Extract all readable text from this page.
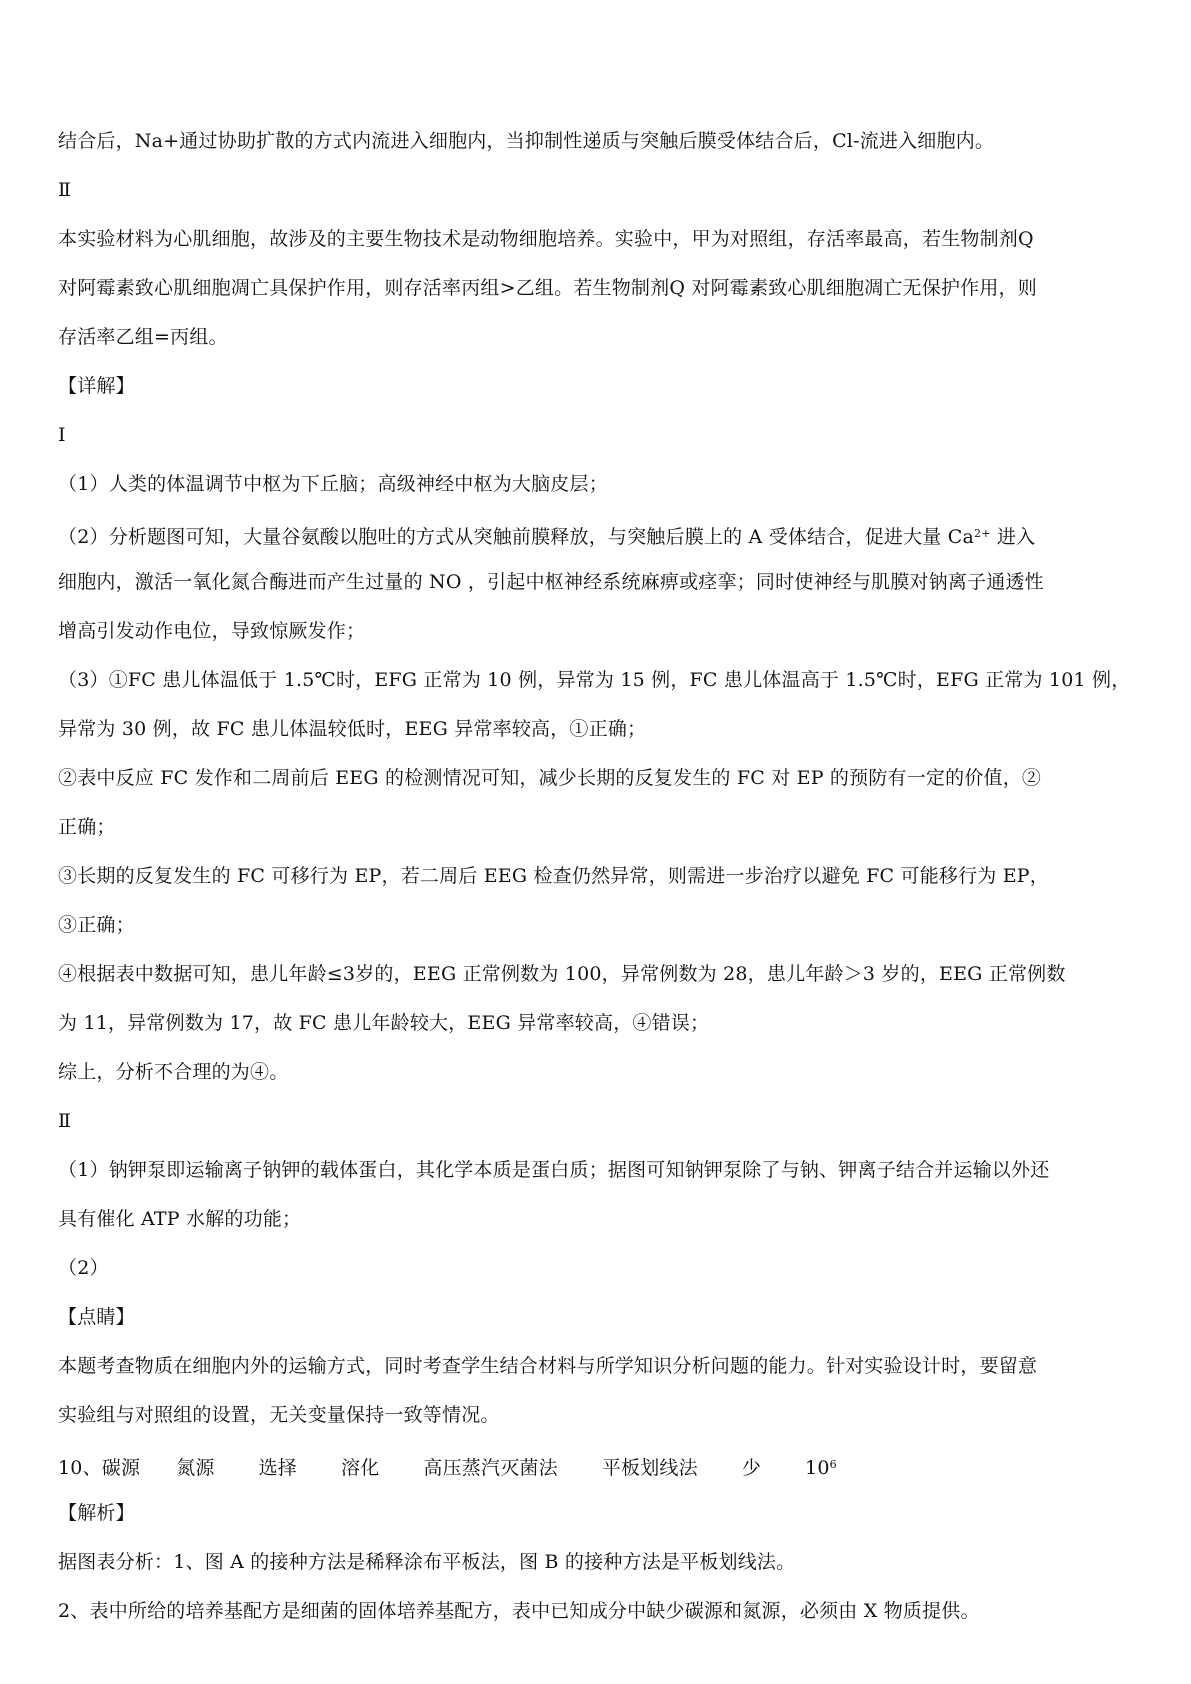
结合后，Na+通过协助扩散的方式内流进入细胞内，当抑制性递质与突触后膜受体结合后，Cl-流进入细胞内。
Ⅱ
本实验材料为心肌细胞，故涉及的主要生物技术是动物细胞培养。实验中，甲为对照组，存活率最高，若生物制剂Q
对阿霉素致心肌细胞凋亡具保护作用，则存活率丙组>乙组。若生物制剂Q 对阿霉素致心肌细胞凋亡无保护作用，则
存活率乙组=丙组。
【详解】
Ⅰ
（1）人类的体温调节中枢为下丘脑；高级神经中枢为大脑皮层；
（2）分析题图可知，大量谷氨酸以胞吐的方式从突触前膜释放，与突触后膜上的 A 受体结合，促进大量 $Ca^{2+}$ 进入
细胞内，激活一氧化氮合酶进而产生过量的 NO ，引起中枢神经系统麻痹或痉挛；同时使神经与肌膜对钠离子通透性
增高引发动作电位，导致惊厥发作；
（3）①FC 患儿体温低于 1.5℃时，EFG 正常为 10 例，异常为 15 例，FC 患儿体温高于 1.5℃时，EFG 正常为 101 例，
异常为 30 例，故 FC 患儿体温较低时，EEG 异常率较高，①正确；
②表中反应 FC 发作和二周前后 EEG 的检测情况可知，减少长期的反复发生的 FC 对 EP 的预防有一定的价值，②
正确；
③长期的反复发生的 FC 可移行为 EP，若二周后 EEG 检查仍然异常，则需进一步治疗以避免 FC 可能移行为 EP，
③正确；
④根据表中数据可知，患儿年龄≤3岁的，EEG 正常例数为 100，异常例数为 28，患儿年龄＞3 岁的，EEG 正常例数
为 11，异常例数为 17，故 FC 患儿年龄较大，EEG 异常率较高，④错误；
综上，分析不合理的为④。
Ⅱ
（1）钠钾泵即运输离子钠钾的载体蛋白，其化学本质是蛋白质；据图可知钠钾泵除了与钠、钾离子结合并运输以外还
具有催化 ATP 水解的功能；
（2）
【点睛】
本题考查物质在细胞内外的运输方式，同时考查学生结合材料与所学知识分析问题的能力。针对实验设计时，要留意
实验组与对照组的设置，无关变量保持一致等情况。
10、碳源 氮源 选择 溶化 高压蒸汽灭菌法 平板划线法 少 $10^6$
【解析】
据图表分析：1、图 A 的接种方法是稀释涂布平板法，图 B 的接种方法是平板划线法。
2、表中所给的培养基配方是细菌的固体培养基配方，表中已知成分中缺少碳源和氮源，必须由 X 物质提供。
